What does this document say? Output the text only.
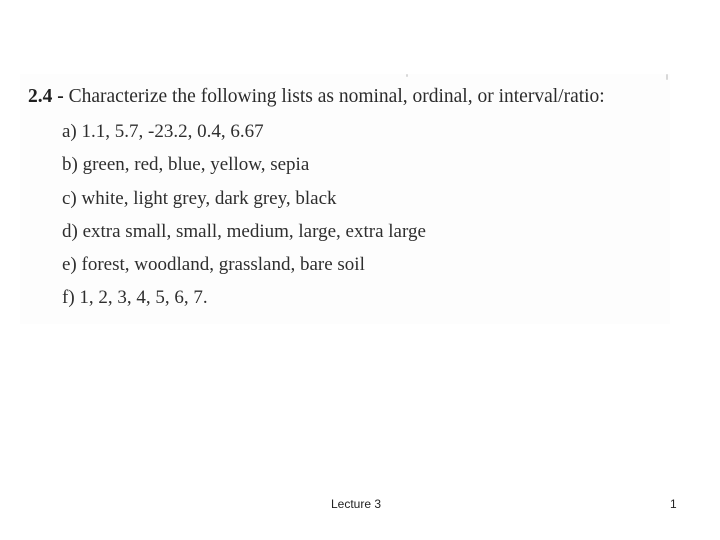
2.4 - Characterize the following lists as nominal, ordinal, or interval/ratio:
a) 1.1, 5.7, -23.2, 0.4, 6.67
b) green, red, blue, yellow, sepia
c) white, light grey, dark grey, black
d) extra small, small, medium, large, extra large
e) forest, woodland, grassland, bare soil
f) 1, 2, 3, 4, 5, 6, 7.
Lecture 3	1
